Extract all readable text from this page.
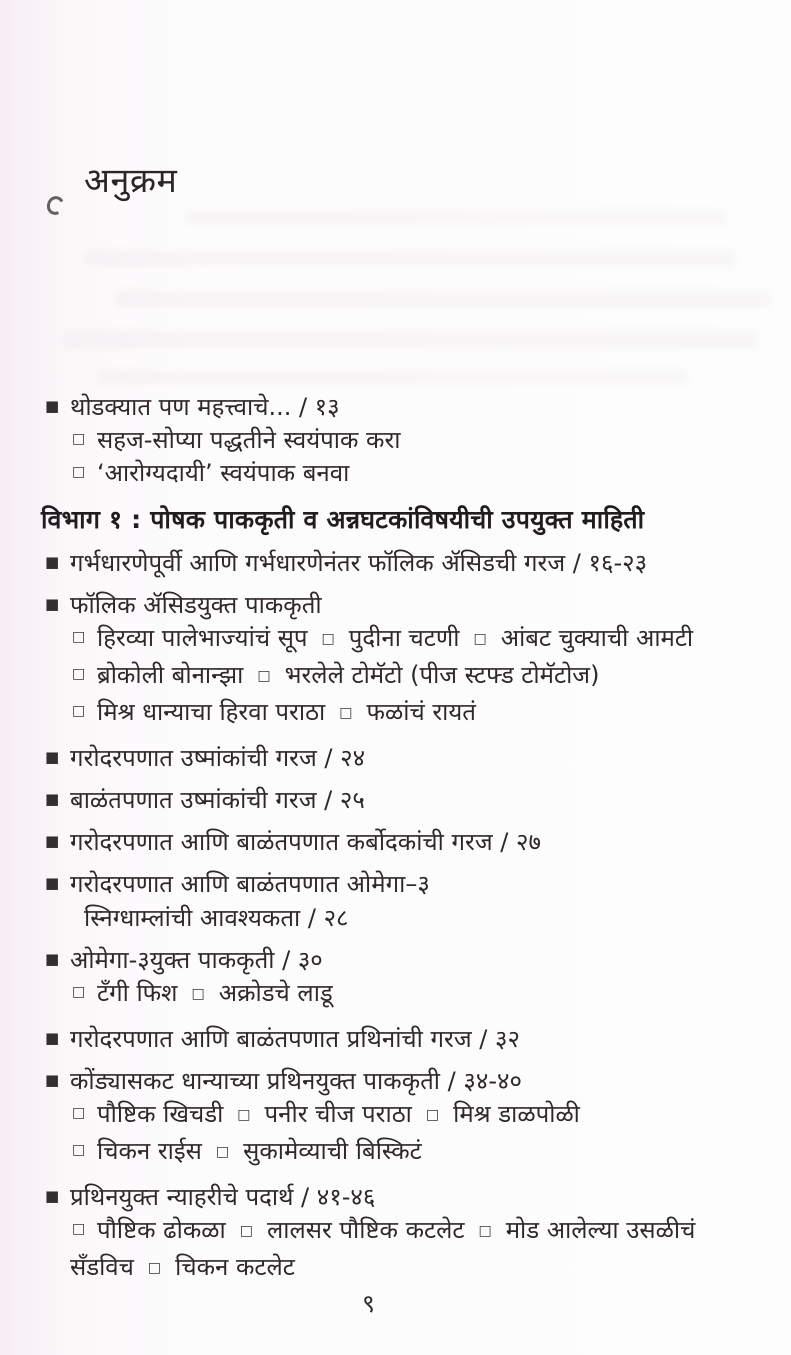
अनुक्रम
■ थोडक्यात पण महत्त्वाचे... / १३
□ सहज-सोप्या पद्धतीने स्वयंपाक करा
□ ‘आरोग्यदायी’ स्वयंपाक बनवा
विभाग १ : पोषक पाककृती व अन्नघटकांविषयीची उपयुक्त माहिती
■ गर्भधारणेपूर्वी आणि गर्भधारणेनंतर फॉलिक ॲसिडची गरज / १६-२३
■ फॉलिक ॲसिडयुक्त पाककृती
□ हिरव्या पालेभाज्यांचं सूप □ पुदीना चटणी □ आंबट चुक्याची आमटी
□ ब्रोकोली बोनान्झा □ भरलेले टोमॅटो (पीज स्टफ्ड टोमॅटोज)
□ मिश्र धान्याचा हिरवा पराठा □ फळांचं रायतं
■ गरोदरपणात उष्मांकांची गरज / २४
■ बाळंतपणात उष्मांकांची गरज / २५
■ गरोदरपणात आणि बाळंतपणात कर्बोदकांची गरज / २७
■ गरोदरपणात आणि बाळंतपणात ओमेगा–३
स्निग्धाम्लांची आवश्यकता / २८
■ ओमेगा-३युक्त पाककृती / ३०
□ टँगी फिश □ अक्रोडचे लाडू
■ गरोदरपणात आणि बाळंतपणात प्रथिनांची गरज / ३२
■ कोंड्यासकट धान्याच्या प्रथिनयुक्त पाककृती / ३४-४०
□ पौष्टिक खिचडी □ पनीर चीज पराठा □ मिश्र डाळपोळी
□ चिकन राईस □ सुकामेव्याची बिस्किटं
■ प्रथिनयुक्त न्याहरीचे पदार्थ / ४१-४६
□ पौष्टिक ढोकळा □ लालसर पौष्टिक कटलेट □ मोड आलेल्या उसळीचं
सँडविच □ चिकन कटलेट
९
